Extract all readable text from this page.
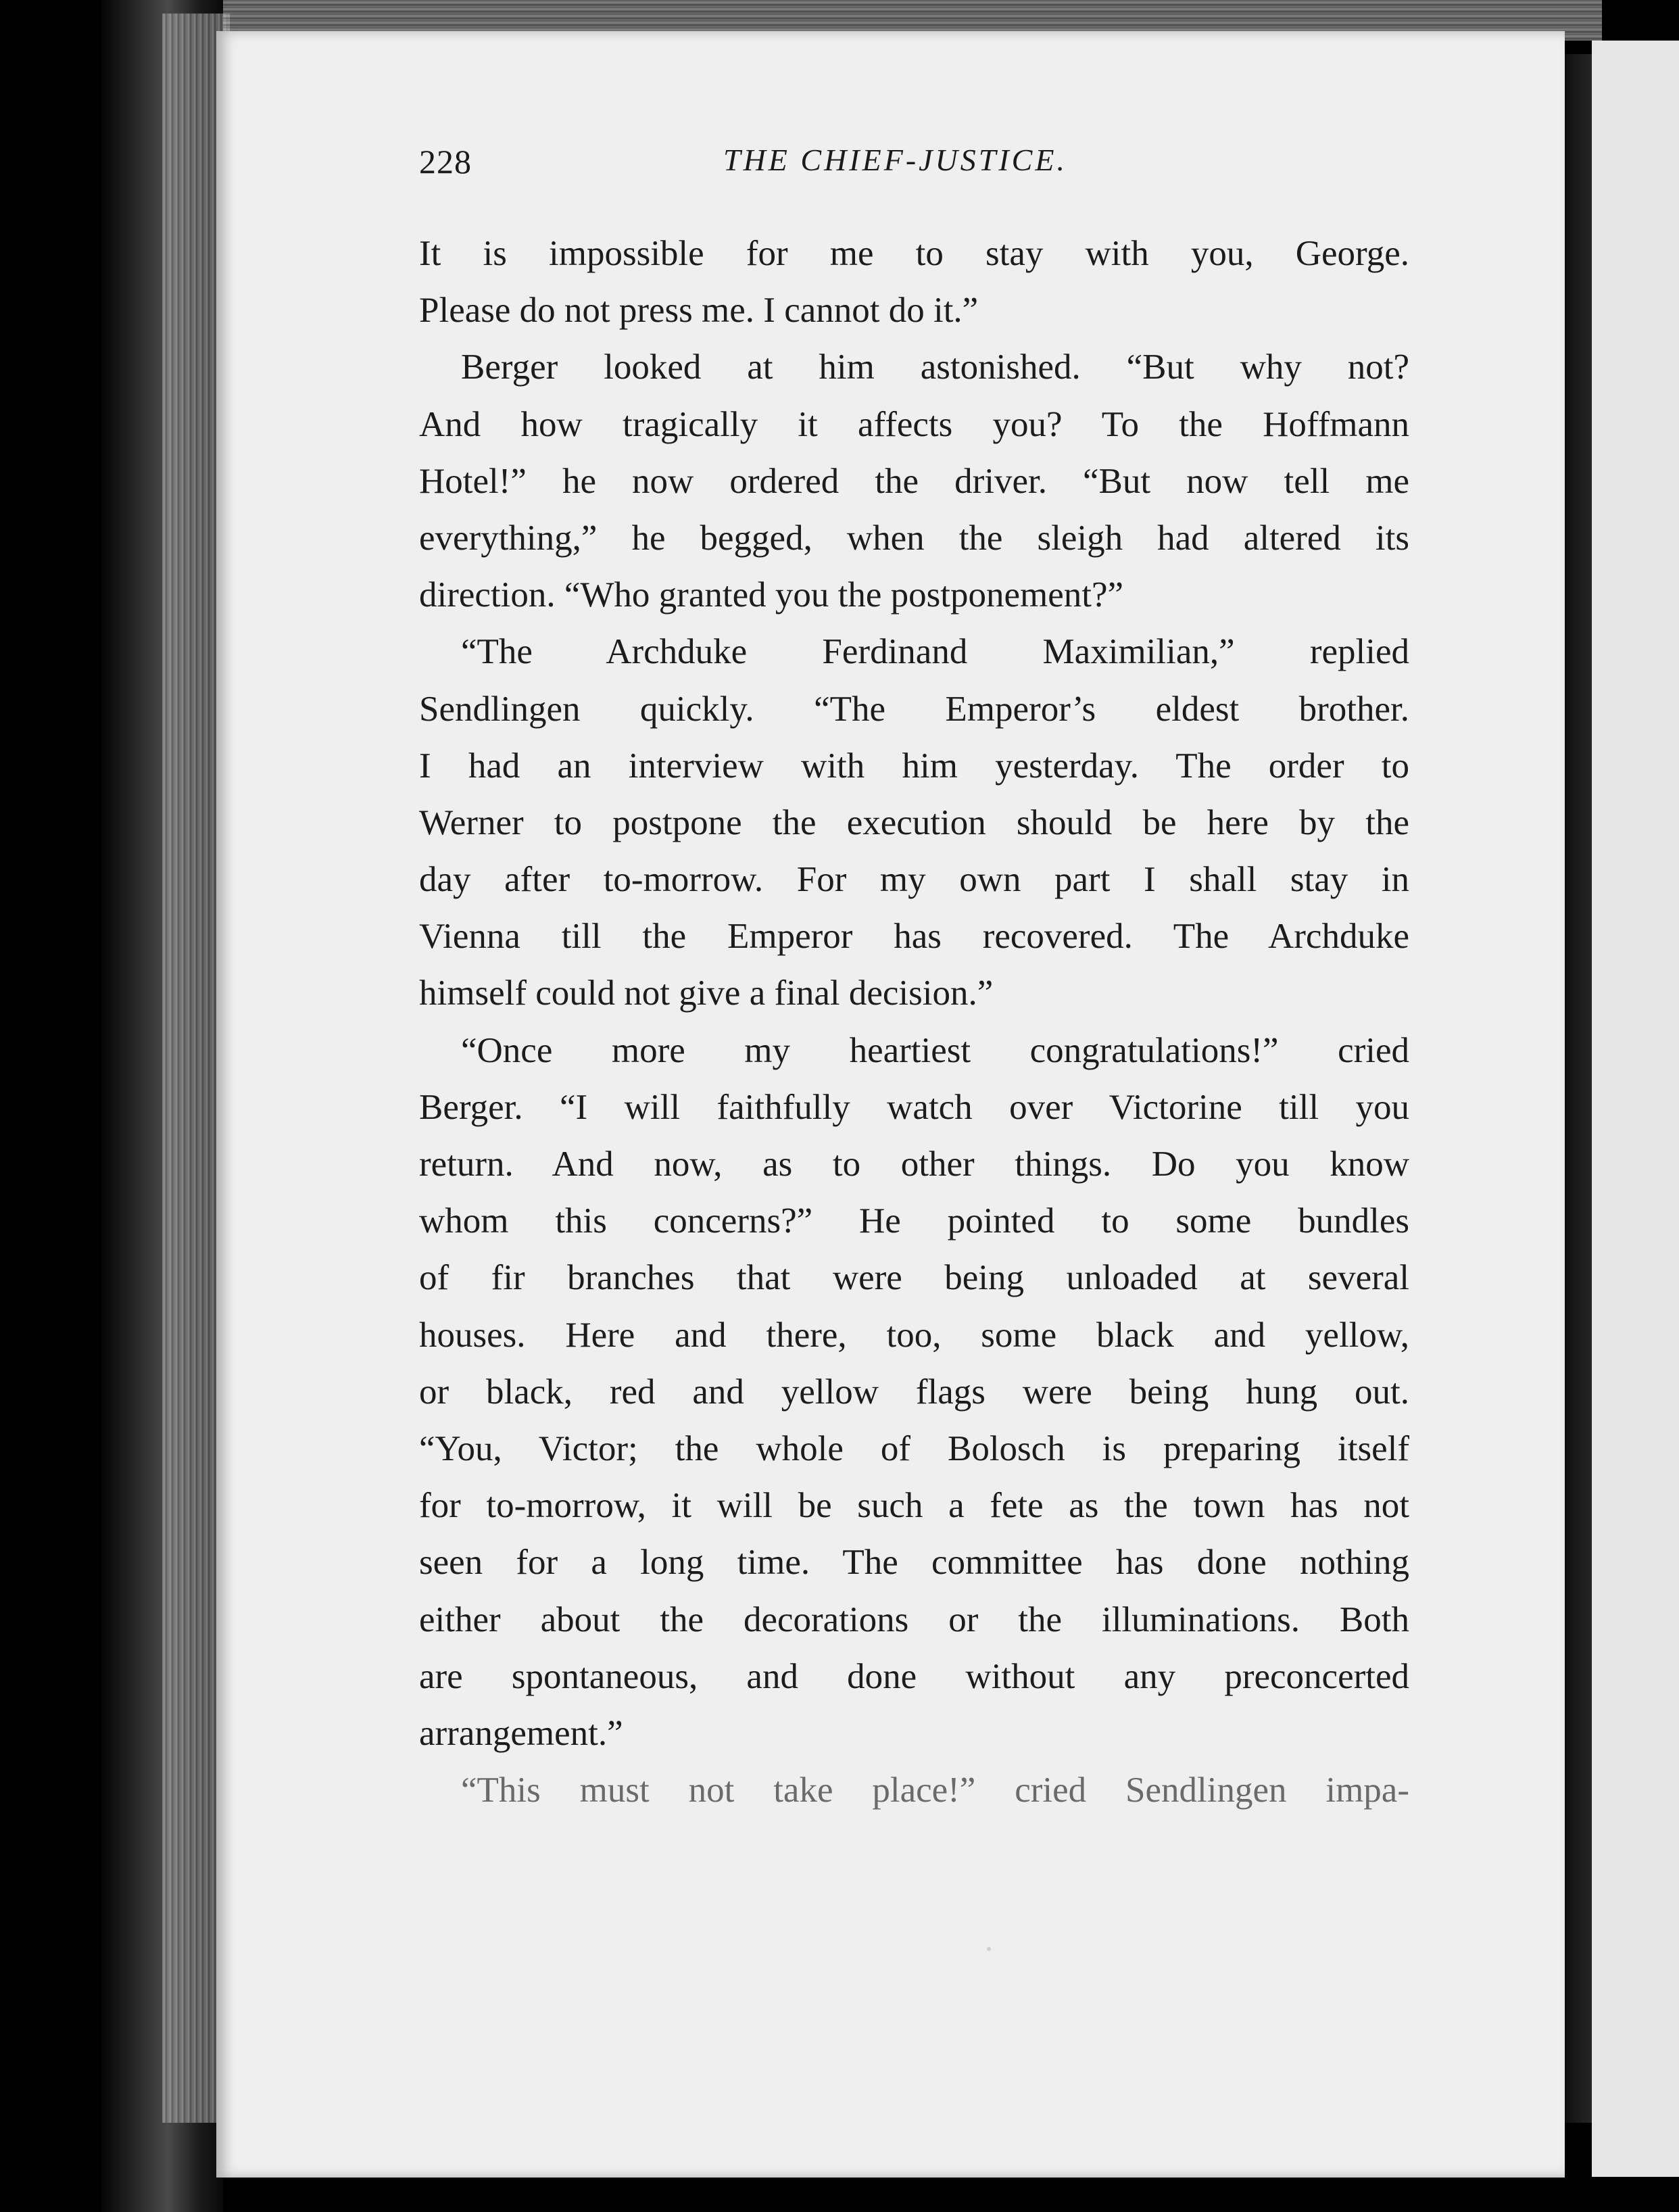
228	THE CHIEF-JUSTICE.
It is impossible for me to stay with you, George.
Please do not press me. I cannot do it.”
Berger looked at him astonished. “But why not?
And how tragically it affects you? To the Hoffmann
Hotel!” he now ordered the driver. “But now tell me
everything,” he begged, when the sleigh had altered its
direction. “Who granted you the postponement?”
“The Archduke Ferdinand Maximilian,” replied
Sendlingen quickly. “The Emperor’s eldest brother.
I had an interview with him yesterday. The order to
Werner to postpone the execution should be here by the
day after to-morrow. For my own part I shall stay in
Vienna till the Emperor has recovered. The Archduke
himself could not give a final decision.”
“Once more my heartiest congratulations!” cried
Berger. “I will faithfully watch over Victorine till you
return. And now, as to other things. Do you know
whom this concerns?” He pointed to some bundles
of fir branches that were being unloaded at several
houses. Here and there, too, some black and yellow,
or black, red and yellow flags were being hung out.
“You, Victor; the whole of Bolosch is preparing itself
for to-morrow, it will be such a fete as the town has not
seen for a long time. The committee has done nothing
either about the decorations or the illuminations. Both
are spontaneous, and done without any preconcerted
arrangement.”
“This must not take place!” cried Sendlingen impa-
